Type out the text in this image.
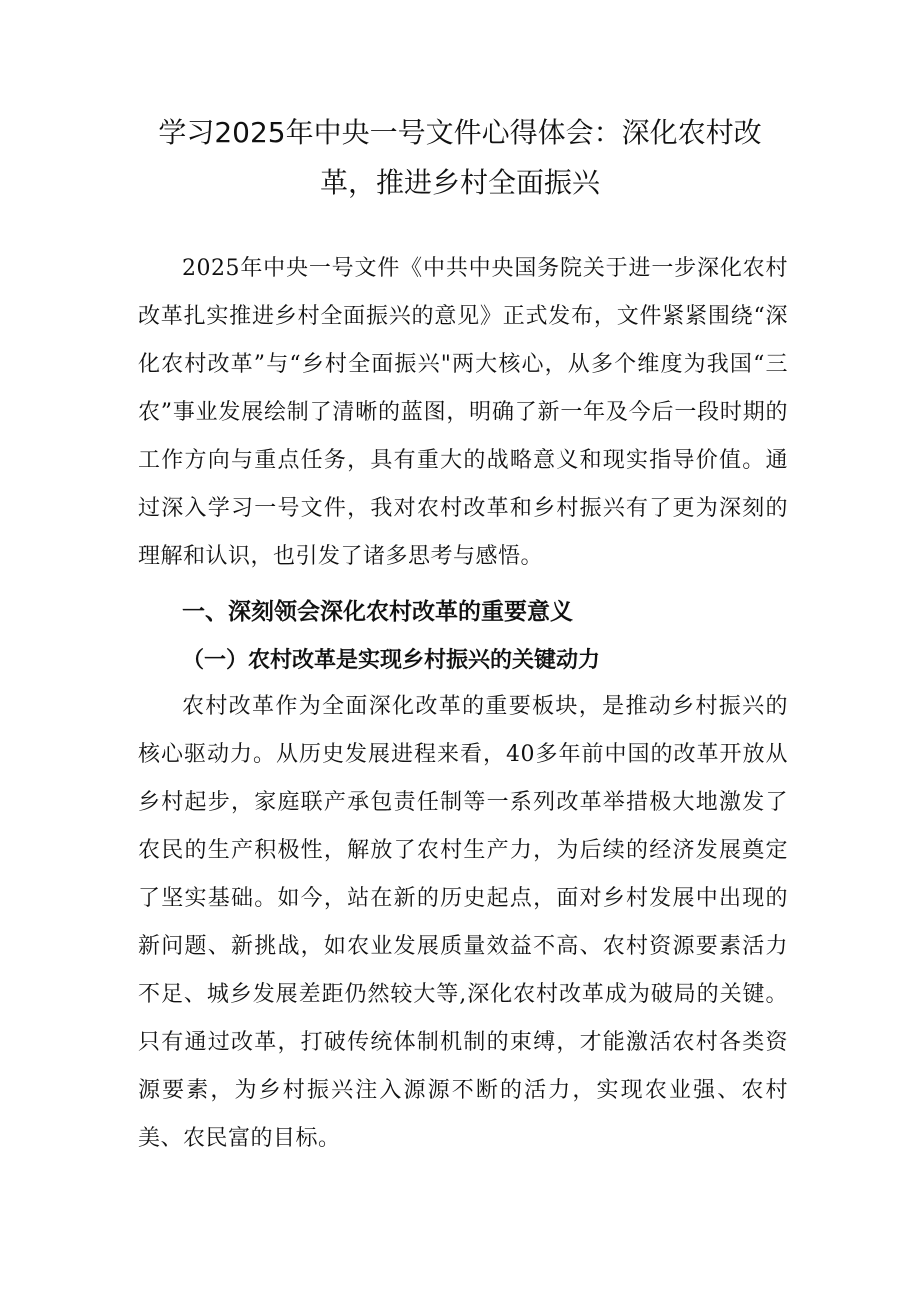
学习2025年中央一号文件心得体会：深化农村改
革，推进乡村全面振兴

2025年中央一号文件《中共中央国务院关于进一步深化农村改革扎实推进乡村全面振兴的意见》正式发布，文件紧紧围绕“深化农村改革”与“乡村全面振兴"两大核心，从多个维度为我国“三农”事业发展绘制了清晰的蓝图，明确了新一年及今后一段时期的工作方向与重点任务，具有重大的战略意义和现实指导价值。通过深入学习一号文件，我对农村改革和乡村振兴有了更为深刻的理解和认识，也引发了诸多思考与感悟。

一、深刻领会深化农村改革的重要意义
（一）农村改革是实现乡村振兴的关键动力

农村改革作为全面深化改革的重要板块，是推动乡村振兴的核心驱动力。从历史发展进程来看，40多年前中国的改革开放从乡村起步，家庭联产承包责任制等一系列改革举措极大地激发了农民的生产积极性，解放了农村生产力，为后续的经济发展奠定了坚实基础。如今，站在新的历史起点，面对乡村发展中出现的新问题、新挑战，如农业发展质量效益不高、农村资源要素活力不足、城乡发展差距仍然较大等,深化农村改革成为破局的关键。只有通过改革，打破传统体制机制的束缚，才能激活农村各类资源要素，为乡村振兴注入源源不断的活力，实现农业强、农村美、农民富的目标。
